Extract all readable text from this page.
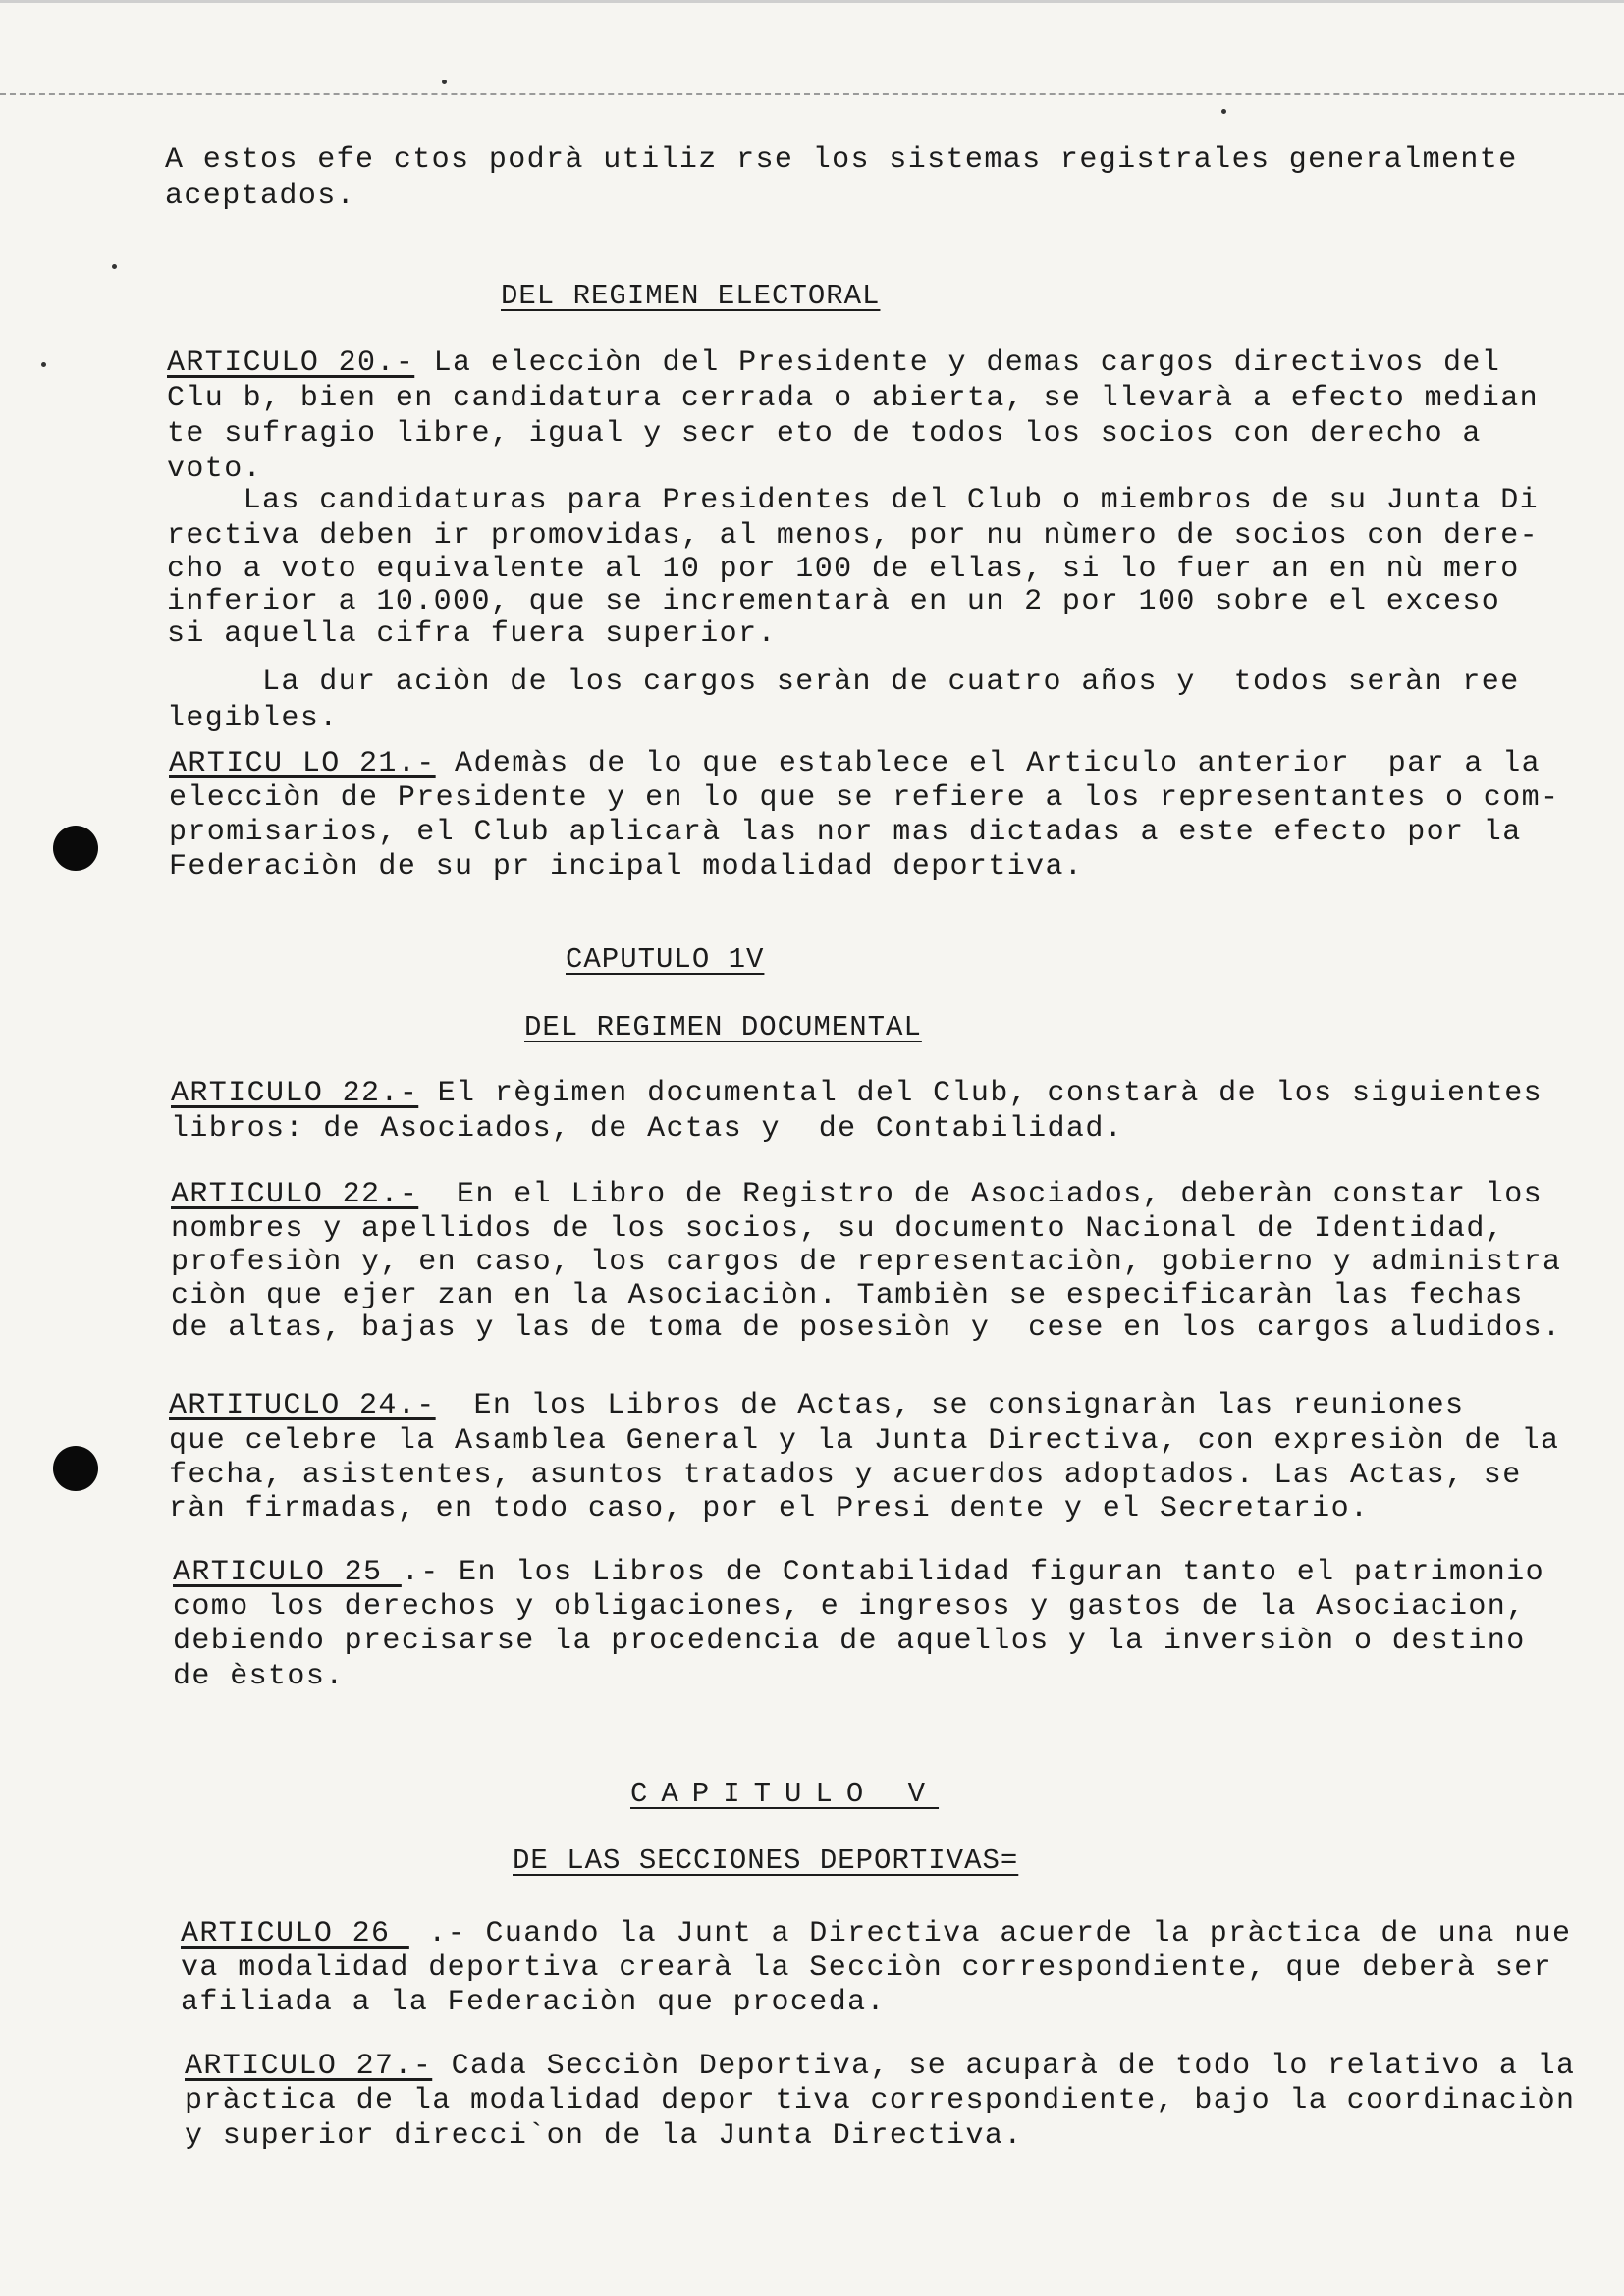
A estos efe ctos podrà utiliz rse los sistemas registrales generalmente
aceptados.
DEL REGIMEN ELECTORAL
ARTICULO 20.- La elecciòn del Presidente y demas cargos directivos del
Clu b, bien en candidatura cerrada o abierta, se llevarà a efecto median
te sufragio libre, igual y secr eto de todos los socios con derecho a
voto.
Las candidaturas para Presidentes del Club o miembros de su Junta Di
rectiva deben ir promovidas, al menos, por nu nùmero de socios con dere-
cho a voto equivalente al 10 por 100 de ellas, si lo fuer an en nù mero
inferior a 10.000, que se incrementarà en un 2 por 100 sobre el exceso
si aquella cifra fuera superior.
La dur aciòn de los cargos seràn de cuatro años y  todos seràn ree
legibles.
ARTICU LO 21.- Ademàs de lo que establece el Articulo anterior  par a la
elecciòn de Presidente y en lo que se refiere a los representantes o com-
promisarios, el Club aplicarà las nor mas dictadas a este efecto por la
Federaciòn de su pr incipal modalidad deportiva.
CAPUTULO 1V
DEL REGIMEN DOCUMENTAL
ARTICULO 22.- El règimen documental del Club, constarà de los siguientes
libros: de Asociados, de Actas y  de Contabilidad.
ARTICULO 22.-  En el Libro de Registro de Asociados, deberàn constar los
nombres y apellidos de los socios, su documento Nacional de Identidad,
profesiòn y, en caso, los cargos de representaciòn, gobierno y administra
ciòn que ejer zan en la Asociaciòn. Tambièn se especificaràn las fechas
de altas, bajas y las de toma de posesiòn y  cese en los cargos aludidos.
ARTITUCLO 24.-  En los Libros de Actas, se consignaràn las reuniones
que celebre la Asamblea General y la Junta Directiva, con expresiòn de la
fecha, asistentes, asuntos tratados y acuerdos adoptados. Las Actas, se
ràn firmadas, en todo caso, por el Presi dente y el Secretario.
ARTICULO 25 .- En los Libros de Contabilidad figuran tanto el patrimonio
como los derechos y obligaciones, e ingresos y gastos de la Asociacion,
debiendo precisarse la procedencia de aquellos y la inversiòn o destino
de èstos.
CAPITULO V
DE LAS SECCIONES DEPORTIVAS=
ARTICULO 26  .- Cuando la Junt a Directiva acuerde la pràctica de una nue
va modalidad deportiva crearà la Secciòn correspondiente, que deberà ser
afiliada a la Federaciòn que proceda.
ARTICULO 27.- Cada Secciòn Deportiva, se acuparà de todo lo relativo a la
pràctica de la modalidad depor tiva correspondiente, bajo la coordinaciòn
y superior direcci`on de la Junta Directiva.
